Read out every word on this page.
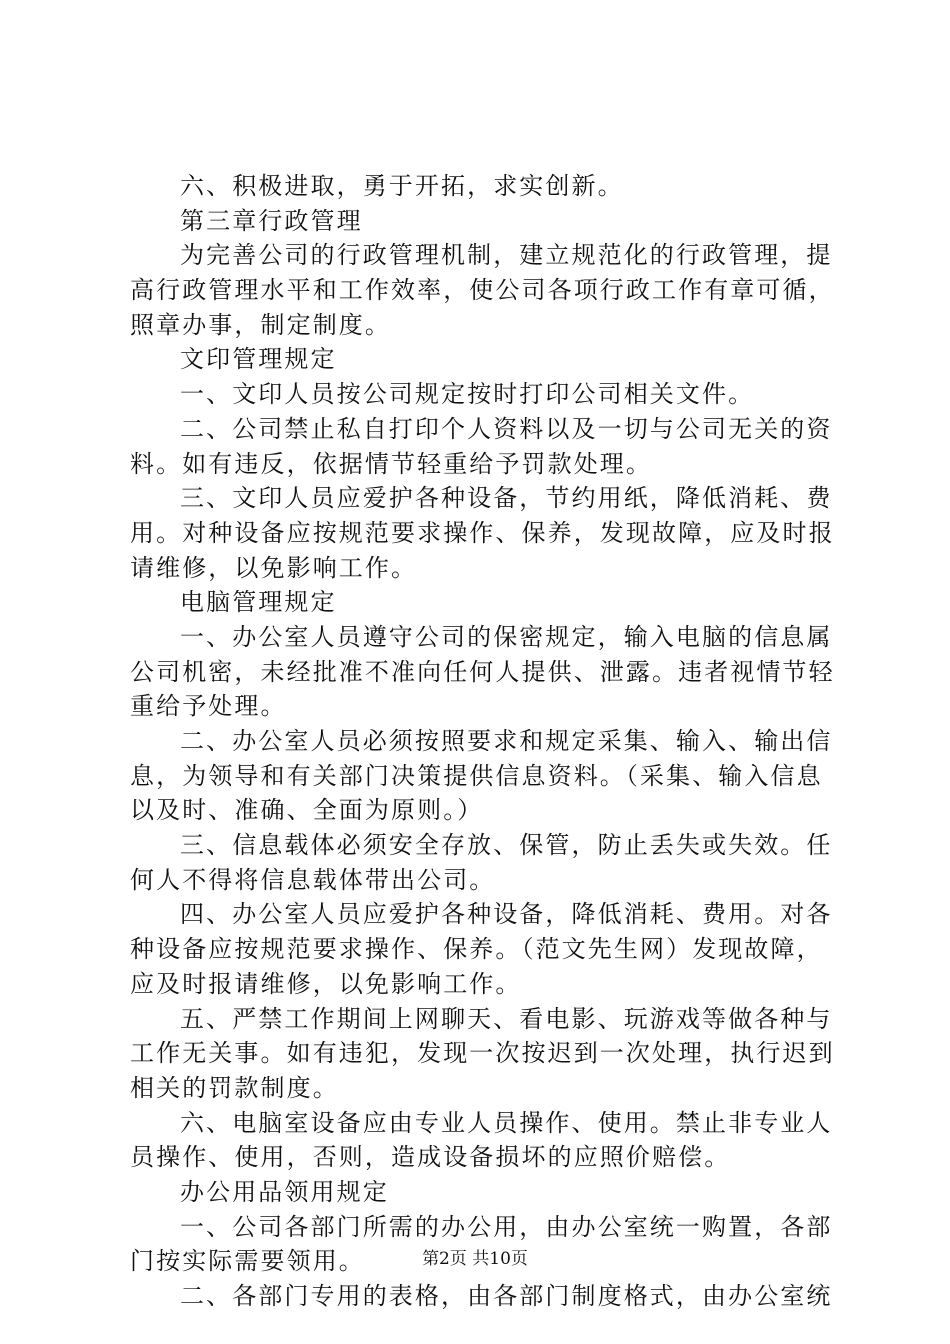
六、积极进取，勇于开拓，求实创新。
第三章行政管理
为完善公司的行政管理机制，建立规范化的行政管理，提
高行政管理水平和工作效率，使公司各项行政工作有章可循，
照章办事，制定制度。
文印管理规定
一、文印人员按公司规定按时打印公司相关文件。
二、公司禁止私自打印个人资料以及一切与公司无关的资
料。如有违反，依据情节轻重给予罚款处理。
三、文印人员应爱护各种设备，节约用纸，降低消耗、费
用。对种设备应按规范要求操作、保养，发现故障，应及时报
请维修，以免影响工作。
电脑管理规定
一、办公室人员遵守公司的保密规定，输入电脑的信息属
公司机密，未经批准不准向任何人提供、泄露。违者视情节轻
重给予处理。
二、办公室人员必须按照要求和规定采集、输入、输出信
息，为领导和有关部门决策提供信息资料。（采集、输入信息
以及时、准确、全面为原则。）
三、信息载体必须安全存放、保管，防止丢失或失效。任
何人不得将信息载体带出公司。
四、办公室人员应爱护各种设备，降低消耗、费用。对各
种设备应按规范要求操作、保养。（范文先生网）发现故障，
应及时报请维修，以免影响工作。
五、严禁工作期间上网聊天、看电影、玩游戏等做各种与
工作无关事。如有违犯，发现一次按迟到一次处理，执行迟到
相关的罚款制度。
六、电脑室设备应由专业人员操作、使用。禁止非专业人
员操作、使用，否则，造成设备损坏的应照价赔偿。
办公用品领用规定
一、公司各部门所需的办公用，由办公室统一购置，各部
门按实际需要领用。
二、各部门专用的表格，由各部门制度格式，由办公室统
第2页 共10页
